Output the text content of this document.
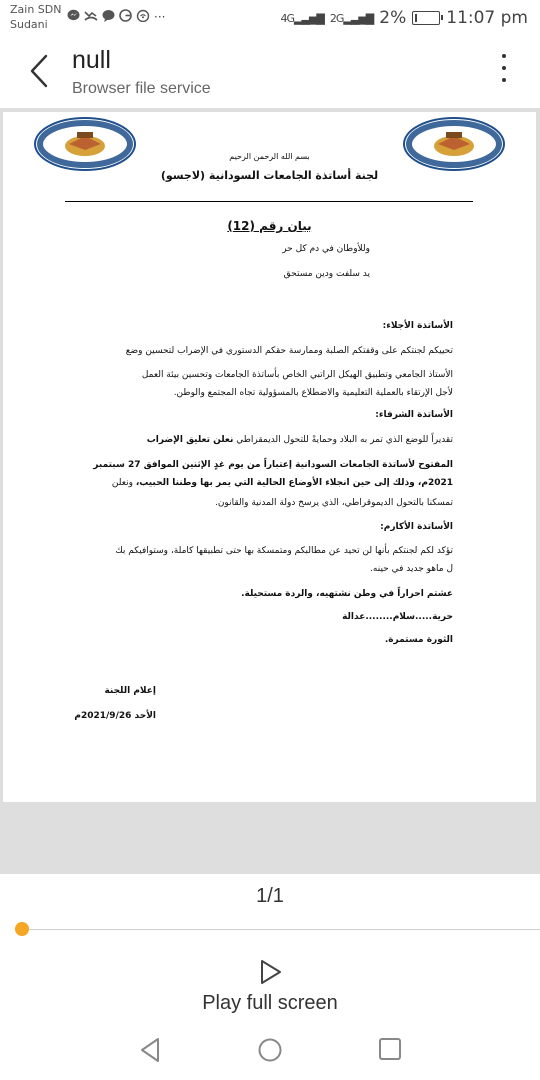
Zain SDN
Sudani
···	4G▂▃▅▇ 2G▂▃▅▇ 2% 11:07 pm
null
Browser file service
بسم الله الرحمن الرحيم
لجنة أساتذة الجامعات السودانية (لاجسو)
بيان رقم (12)
وللأوطان في دم كل حر
يد سلفت ودين مستحق
الأساتذة الأجلاء:
تحييكم لجنتكم على وقفتكم الصلبة وممارسة حقكم الدستوري في الإضراب لتحسين وضع
الأستاذ الجامعي وتطبيق الهيكل الراتبي الخاص بأساتذة الجامعات وتحسين بيئة العمل
لأجل الإرتقاء بالعملية التعليمية والاضطلاع بالمسؤولية تجاه المجتمع والوطن.
الأساتذة الشرفاء:
تقديراً للوضع الذي تمر به البلاد وحمايةً للتحول الديمقراطي نعلن تعليق الإضراب
المفتوح لأساتذة الجامعات السودانية إعتباراً من يوم غدٍ الإثنين الموافق 27 سبتمبر
2021م، وذلك إلى حين انجلاء الأوضاع الحالية التي يمر بها وطننا الحبيب، ونعلن
تمسكنا بالتحول الديموقراطي، الذي يرسخ دولة المدنية والقانون.
الأساتذة الأكارم:
تؤكد لكم لجنتكم بأنها لن تحيد عن مطالبكم ومتمسكة بها حتى تطبيقها كاملة، وستوافيكم بك
ل ماهو جديد في حينه.
عشتم احراراً في وطن نشتهيه، والردة مستحيلة.
حرية.....سلام........عدالة
الثورة مستمرة.
إعلام اللجنة
الأحد 2021/9/26م
1/1
Play full screen
